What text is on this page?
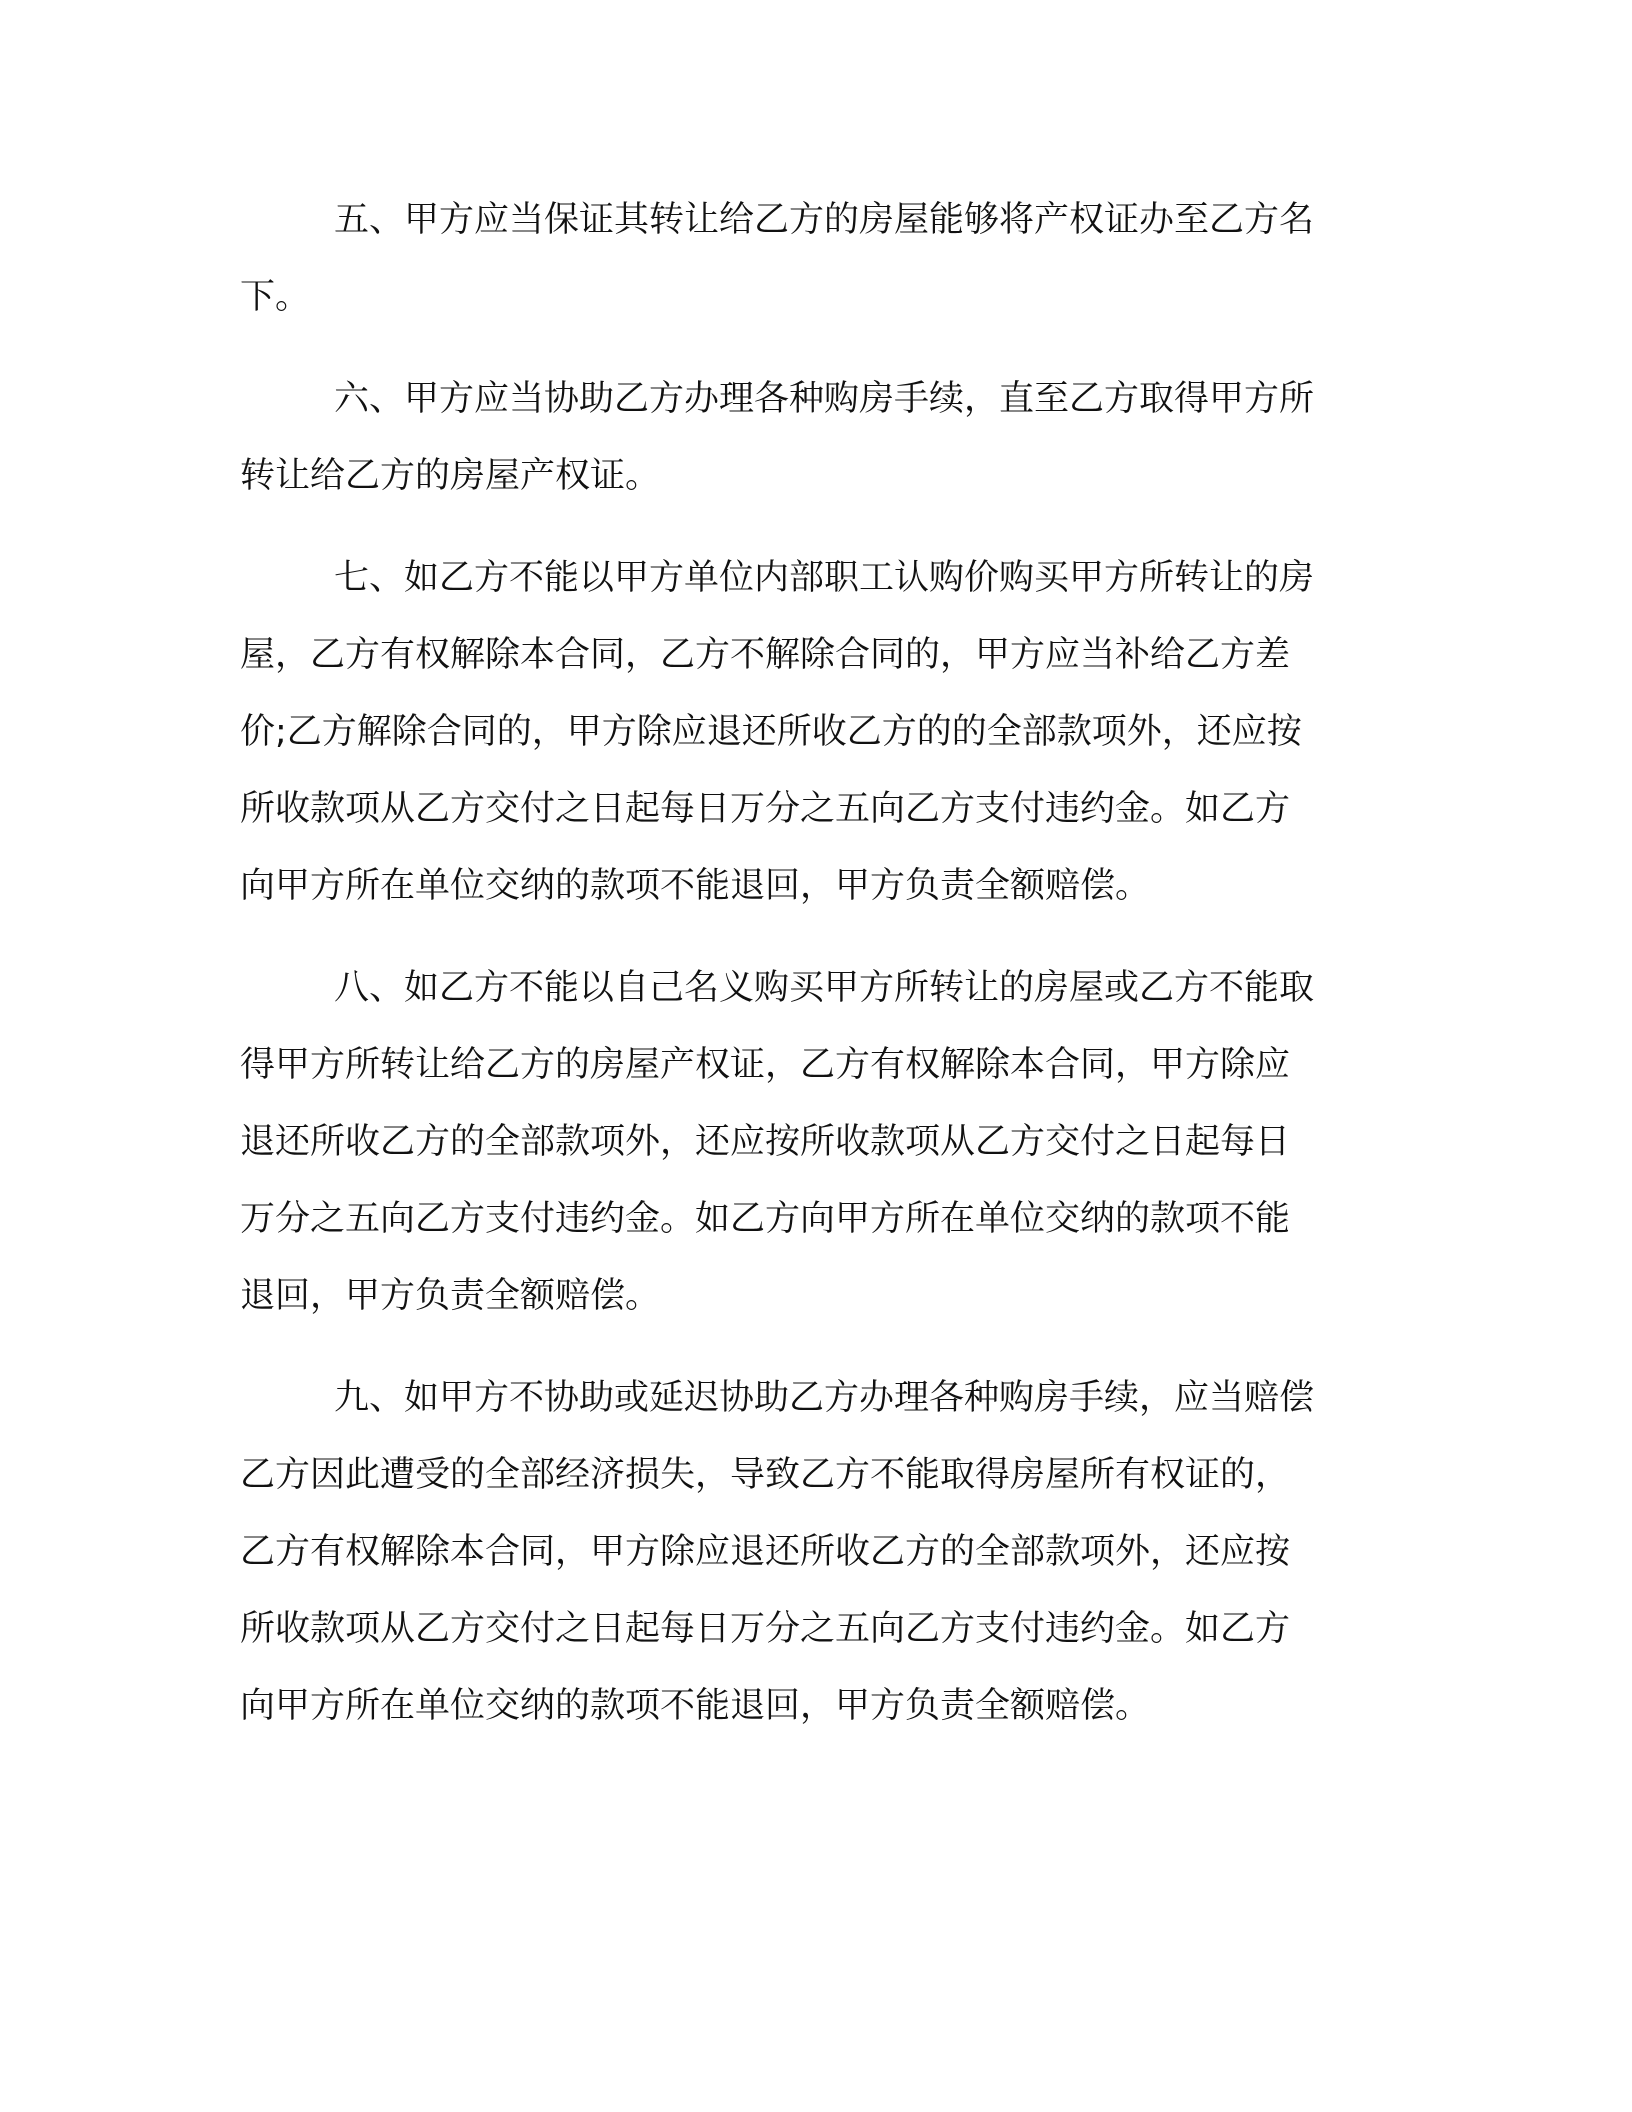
五、甲方应当保证其转让给乙方的房屋能够将产权证办至乙方名
下。
六、甲方应当协助乙方办理各种购房手续，直至乙方取得甲方所
转让给乙方的房屋产权证。
七、如乙方不能以甲方单位内部职工认购价购买甲方所转让的房
屋，乙方有权解除本合同，乙方不解除合同的，甲方应当补给乙方差
价;乙方解除合同的，甲方除应退还所收乙方的的全部款项外，还应按
所收款项从乙方交付之日起每日万分之五向乙方支付违约金。如乙方
向甲方所在单位交纳的款项不能退回，甲方负责全额赔偿。
八、如乙方不能以自己名义购买甲方所转让的房屋或乙方不能取
得甲方所转让给乙方的房屋产权证，乙方有权解除本合同，甲方除应
退还所收乙方的全部款项外，还应按所收款项从乙方交付之日起每日
万分之五向乙方支付违约金。如乙方向甲方所在单位交纳的款项不能
退回，甲方负责全额赔偿。
九、如甲方不协助或延迟协助乙方办理各种购房手续，应当赔偿
乙方因此遭受的全部经济损失，导致乙方不能取得房屋所有权证的，
乙方有权解除本合同，甲方除应退还所收乙方的全部款项外，还应按
所收款项从乙方交付之日起每日万分之五向乙方支付违约金。如乙方
向甲方所在单位交纳的款项不能退回，甲方负责全额赔偿。
